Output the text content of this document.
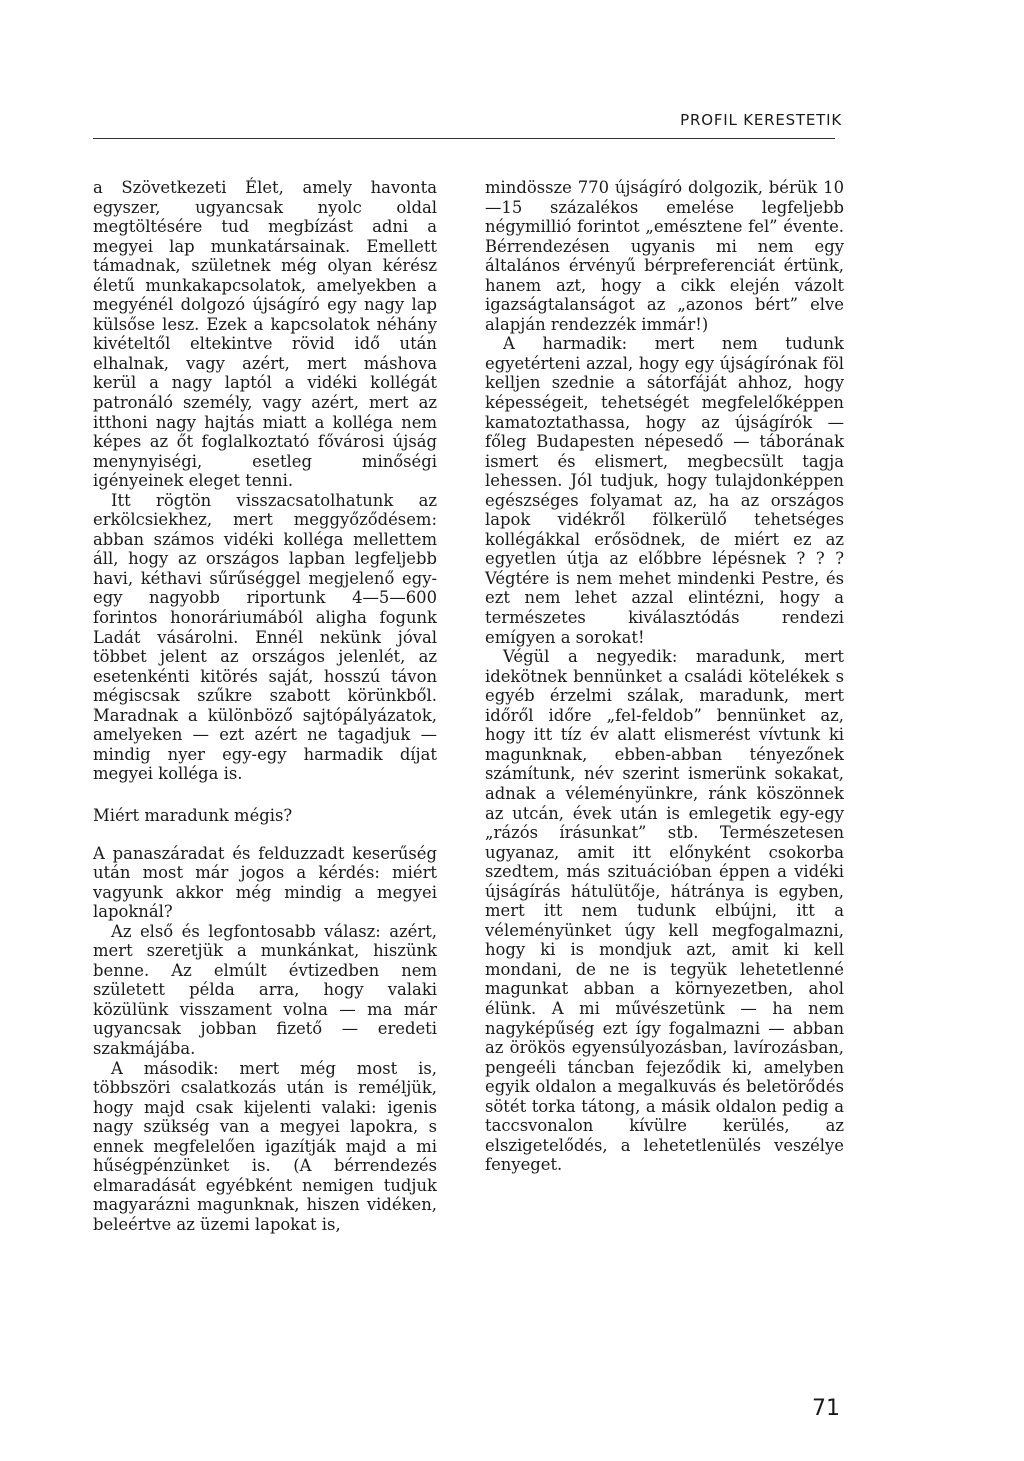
PROFIL KERESTETIK

a Szövetkezeti Élet, amely havonta egyszer, ugyancsak nyolc oldal megtöltésére tud megbízást adni a megyei lap munkatársainak. Emellett támadnak, születnek még olyan kérész életű munkakapcsolatok, amelyekben a megyénél dolgozó újságíró egy nagy lap külsőse lesz. Ezek a kapcsolatok néhány kivételtől eltekintve rövid idő után elhalnak, vagy azért, mert máshova kerül a nagy laptól a vidéki kollégát patronáló személy, vagy azért, mert az itthoni nagy hajtás miatt a kolléga nem képes az őt foglalkoztató fővárosi újság menynyiségi, esetleg minőségi igényeinek eleget tenni.

Itt rögtön visszacsatolhatunk az erkölcsiekhez, mert meggyőződésem: abban számos vidéki kolléga mellettem áll, hogy az országos lapban legfeljebb havi, kéthavi sűrűséggel megjelenő egy-egy nagyobb riportunk 4—5—600 forintos honoráriumából aligha fogunk Ladát vásárolni. Ennél nekünk jóval többet jelent az országos jelenlét, az esetenkénti kitörés saját, hosszú távon mégiscsak szűkre szabott körünkből. Maradnak a különböző sajtópályázatok, amelyeken — ezt azért ne tagadjuk — mindig nyer egy-egy harmadik díjat megyei kolléga is.

Miért maradunk mégis?

A panaszáradat és felduzzadt keserűség után most már jogos a kérdés: miért vagyunk akkor még mindig a megyei lapoknál?

Az első és legfontosabb válasz: azért, mert szeretjük a munkánkat, hiszünk benne. Az elmúlt évtizedben nem született példa arra, hogy valaki közülünk visszament volna — ma már ugyancsak jobban fizető — eredeti szakmájába.

A második: mert még most is, többszöri csalatkozás után is reméljük, hogy majd csak kijelenti valaki: igenis nagy szükség van a megyei lapokra, s ennek megfelelően igazítják majd a mi hűségpénzünket is. (A bérrendezés elmaradását egyébként nemigen tudjuk magyarázni magunknak, hiszen vidéken, beleértve az üzemi lapokat is,

mindössze 770 újságíró dolgozik, bérük 10—15 százalékos emelése legfeljebb négymillió forintot „emésztene fel” évente. Bérrendezésen ugyanis mi nem egy általános érvényű bérpreferenciát értünk, hanem azt, hogy a cikk elején vázolt igazságtalanságot az „azonos bért” elve alapján rendezzék immár!)

A harmadik: mert nem tudunk egyetérteni azzal, hogy egy újságírónak föl kelljen szednie a sátorfáját ahhoz, hogy képességeit, tehetségét megfelelőképpen kamatoztathassa, hogy az újságírók — főleg Budapesten népesedő — táborának ismert és elismert, megbecsült tagja lehessen. Jól tudjuk, hogy tulajdonképpen egészséges folyamat az, ha az országos lapok vidékről fölkerülő tehetséges kollégákkal erősödnek, de miért ez az egyetlen útja az előbbre lépésnek ? ? ? Végtére is nem mehet mindenki Pestre, és ezt nem lehet azzal elintézni, hogy a természetes kiválasztódás rendezi emígyen a sorokat!

Végül a negyedik: maradunk, mert idekötnek bennünket a családi kötelékek s egyéb érzelmi szálak, maradunk, mert időről időre „fel-feldob” bennünket az, hogy itt tíz év alatt elismerést vívtunk ki magunknak, ebben-abban tényezőnek számítunk, név szerint ismerünk sokakat, adnak a véleményünkre, ránk köszönnek az utcán, évek után is emlegetik egy-egy „rázós írásunkat” stb. Természetesen ugyanaz, amit itt előnyként csokorba szedtem, más szituációban éppen a vidéki újságírás hátulütője, hátránya is egyben, mert itt nem tudunk elbújni, itt a véleményünket úgy kell megfogalmazni, hogy ki is mondjuk azt, amit ki kell mondani, de ne is tegyük lehetetlenné magunkat abban a környezetben, ahol élünk. A mi művészetünk — ha nem nagyképűség ezt így fogalmazni — abban az örökös egyensúlyozásban, lavírozásban, pengeéli táncban fejeződik ki, amelyben egyik oldalon a megalkuvás és beletörődés sötét torka tátong, a másik oldalon pedig a taccsvonalon kívülre kerülés, az elszigetelődés, a lehetetlenülés veszélye fenyeget.

71
